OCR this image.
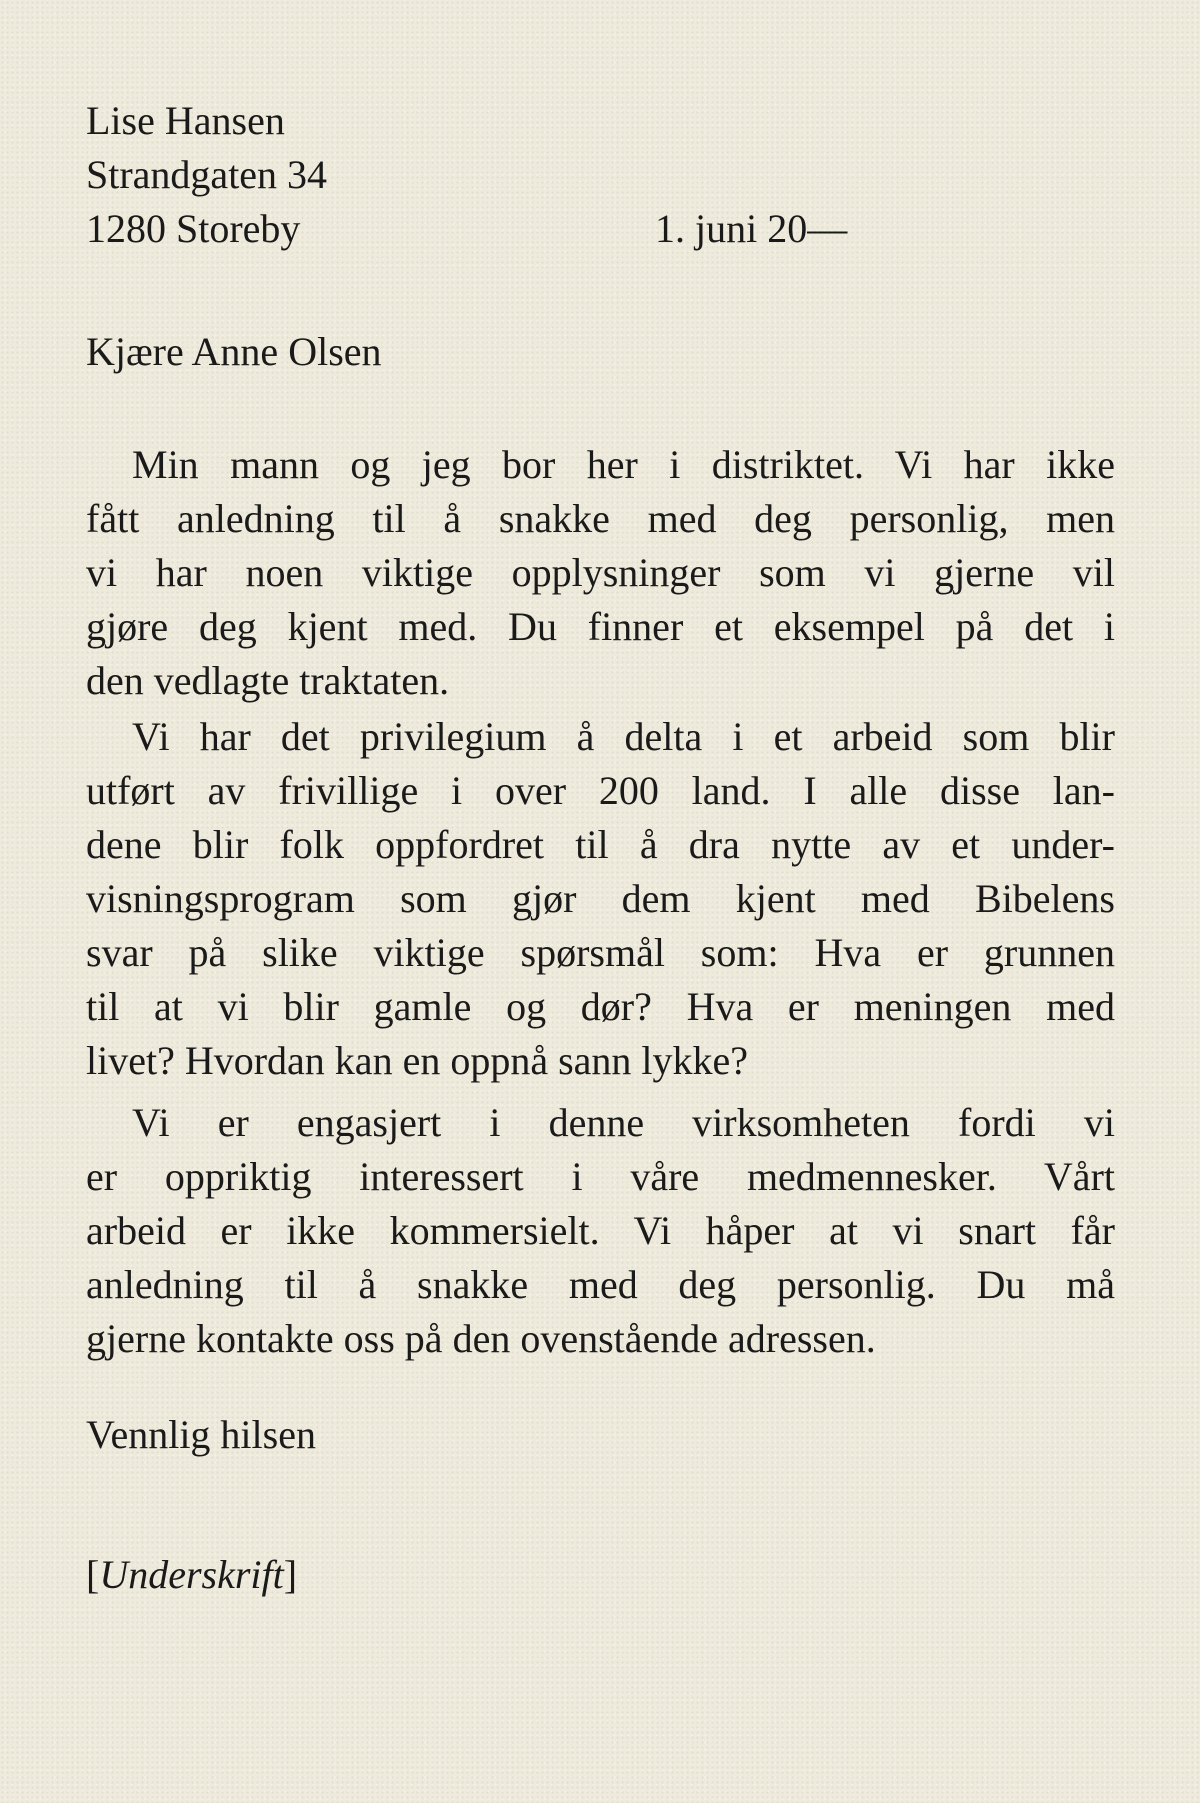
Lise Hansen
Strandgaten 34
1280 Storeby	1. juni 20—
Kjære Anne Olsen
Min mann og jeg bor her i distriktet. Vi har ikke
fått anledning til å snakke med deg personlig, men
vi har noen viktige opplysninger som vi gjerne vil
gjøre deg kjent med. Du finner et eksempel på det i
den vedlagte traktaten.
Vi har det privilegium å delta i et arbeid som blir
utført av frivillige i over 200 land. I alle disse lan-
dene blir folk oppfordret til å dra nytte av et under-
visningsprogram som gjør dem kjent med Bibelens
svar på slike viktige spørsmål som: Hva er grunnen
til at vi blir gamle og dør? Hva er meningen med
livet? Hvordan kan en oppnå sann lykke?
Vi er engasjert i denne virksomheten fordi vi
er oppriktig interessert i våre medmennesker. Vårt
arbeid er ikke kommersielt. Vi håper at vi snart får
anledning til å snakke med deg personlig. Du må
gjerne kontakte oss på den ovenstående adressen.
Vennlig hilsen
[Underskrift]
